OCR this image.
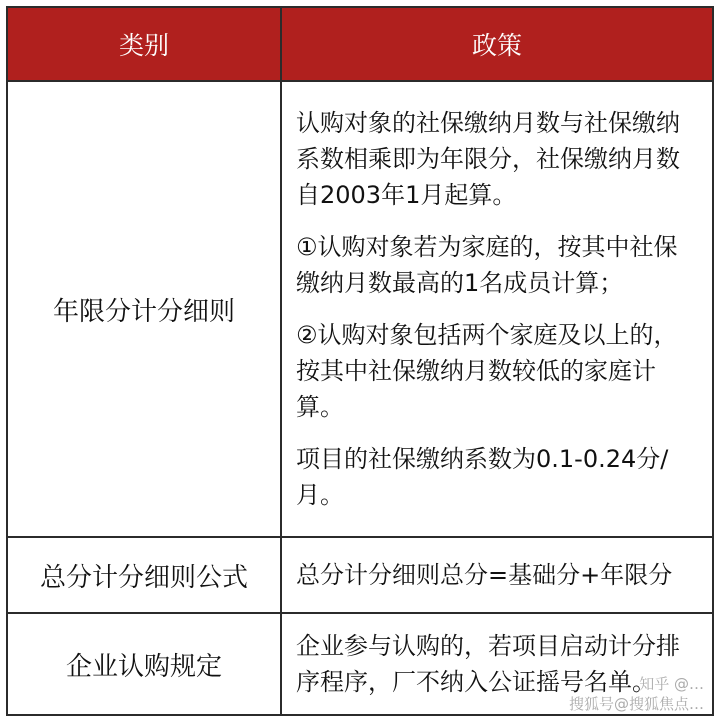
类别	政策
年限分计分细则

认购对象的社保缴纳月数与社保缴纳系数相乘即为年限分，社保缴纳月数自2003年1月起算。

①认购对象若为家庭的，按其中社保缴纳月数最高的1名成员计算；

②认购对象包括两个家庭及以上的，按其中社保缴纳月数较低的家庭计算。

项目的社保缴纳系数为0.1-0.24分/月。

总分计分细则公式 总分计分细则总分=基础分+年限分

企业认购规定

企业参与认购的，若项目启动计分排序程序，厂不纳入公证摇号名单。

知乎 @…
搜狐号@搜狐焦点…
